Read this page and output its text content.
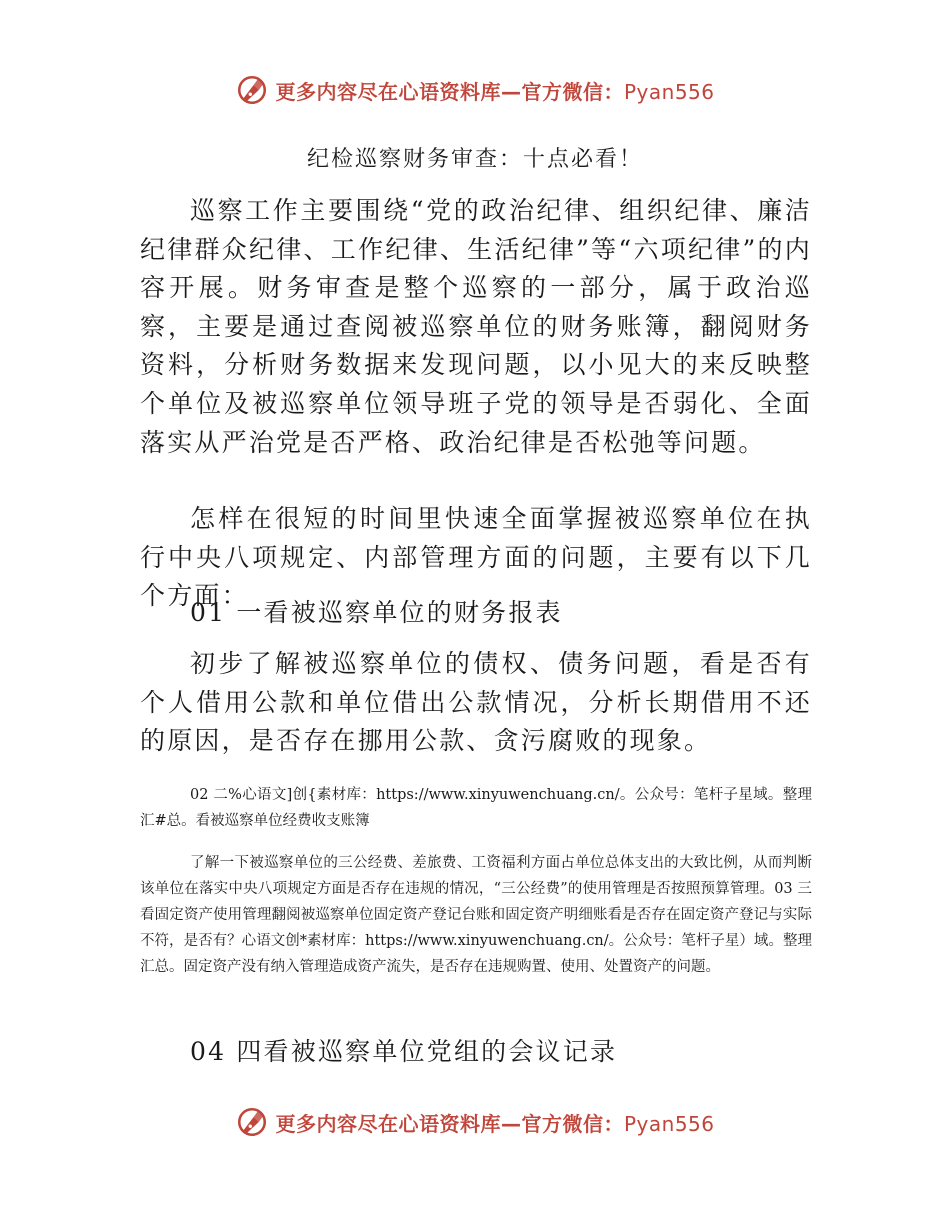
更多内容尽在心语资料库—官方微信：Pyan556
纪检巡察财务审查：十点必看！

巡察工作主要围绕“党的政治纪律、组织纪律、廉洁纪律群众纪律、工作纪律、生活纪律”等“六项纪律”的内容开展。财务审查是整个巡察的一部分，属于政治巡察，主要是通过查阅被巡察单位的财务账簿，翻阅财务资料，分析财务数据来发现问题，以小见大的来反映整个单位及被巡察单位领导班子党的领导是否弱化、全面落实从严治党是否严格、政治纪律是否松弛等问题。

怎样在很短的时间里快速全面掌握被巡察单位在执行中央八项规定、内部管理方面的问题，主要有以下几个方面：

01 一看被巡察单位的财务报表

初步了解被巡察单位的债权、债务问题，看是否有个人借用公款和单位借出公款情况，分析长期借用不还的原因，是否存在挪用公款、贪污腐败的现象。

02 二%心语文]创{素材库：https://www.xinyuwenchuang.cn/。公众号：笔杆子星域。整理汇#总。看被巡察单位经费收支账簿

了解一下被巡察单位的三公经费、差旅费、工资福利方面占单位总体支出的大致比例，从而判断该单位在落实中央八项规定方面是否存在违规的情况，“三公经费”的使用管理是否按照预算管理。03 三看固定资产使用管理翻阅被巡察单位固定资产登记台账和固定资产明细账看是否存在固定资产登记与实际不符，是否有？心语文创*素材库：https://www.xinyuwenchuang.cn/。公众号：笔杆子星）域。整理汇总。固定资产没有纳入管理造成资产流失，是否存在违规购置、使用、处置资产的问题。

04 四看被巡察单位党组的会议记录

更多内容尽在心语资料库—官方微信：Pyan556
